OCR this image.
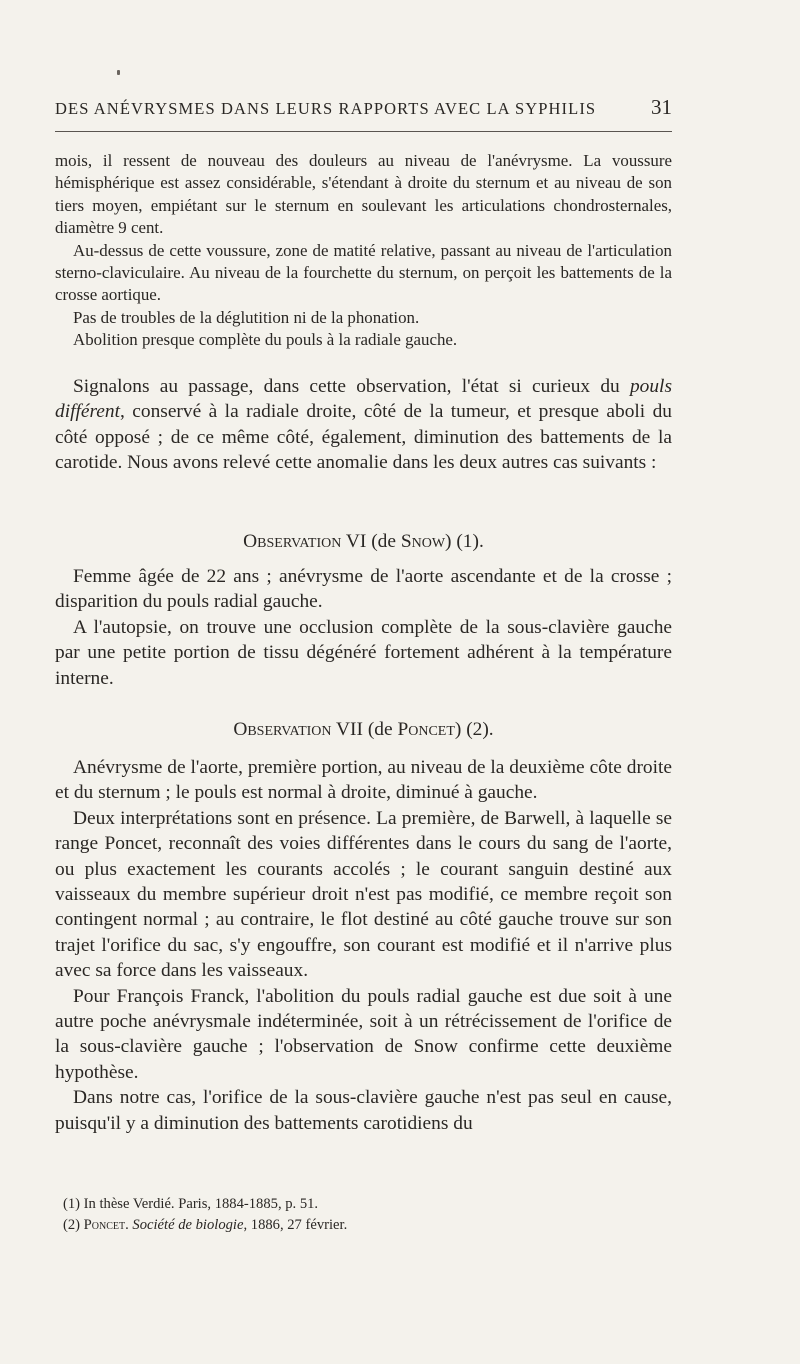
DES ANÉVRYSMES DANS LEURS RAPPORTS AVEC LA SYPHILIS	31

mois, il ressent de nouveau des douleurs au niveau de l'anévrysme. La voussure hémisphérique est assez considérable, s'étendant à droite du sternum et au niveau de son tiers moyen, empiétant sur le sternum en soulevant les articulations chondrosternales, diamètre 9 cent.

Au-dessus de cette voussure, zone de matité relative, passant au niveau de l'articulation sterno-claviculaire. Au niveau de la fourchette du sternum, on perçoit les battements de la crosse aortique.

Pas de troubles de la déglutition ni de la phonation.

Abolition presque complète du pouls à la radiale gauche.

Signalons au passage, dans cette observation, l'état si curieux du pouls différent, conservé à la radiale droite, côté de la tumeur, et presque aboli du côté opposé ; de ce même côté, également, diminution des battements de la carotide. Nous avons relevé cette anomalie dans les deux autres cas suivants :

Observation VI (de Snow) (1).

Femme âgée de 22 ans ; anévrysme de l'aorte ascendante et de la crosse ; disparition du pouls radial gauche.

A l'autopsie, on trouve une occlusion complète de la sous-clavière gauche par une petite portion de tissu dégénéré fortement adhérent à la température interne.

Observation VII (de Poncet) (2).

Anévrysme de l'aorte, première portion, au niveau de la deuxième côte droite et du sternum ; le pouls est normal à droite, diminué à gauche.

Deux interprétations sont en présence. La première, de Barwell, à laquelle se range Poncet, reconnaît des voies différentes dans le cours du sang de l'aorte, ou plus exactement les courants accolés ; le courant sanguin destiné aux vaisseaux du membre supérieur droit n'est pas modifié, ce membre reçoit son contingent normal ; au contraire, le flot destiné au côté gauche trouve sur son trajet l'orifice du sac, s'y engouffre, son courant est modifié et il n'arrive plus avec sa force dans les vaisseaux.

Pour François Franck, l'abolition du pouls radial gauche est due soit à une autre poche anévrysmale indéterminée, soit à un rétrécissement de l'orifice de la sous-clavière gauche ; l'observation de Snow confirme cette deuxième hypothèse.

Dans notre cas, l'orifice de la sous-clavière gauche n'est pas seul en cause, puisqu'il y a diminution des battements carotidiens du

(1) In thèse Verdié. Paris, 1884-1885, p. 51.

(2) Poncet. Société de biologie, 1886, 27 février.
